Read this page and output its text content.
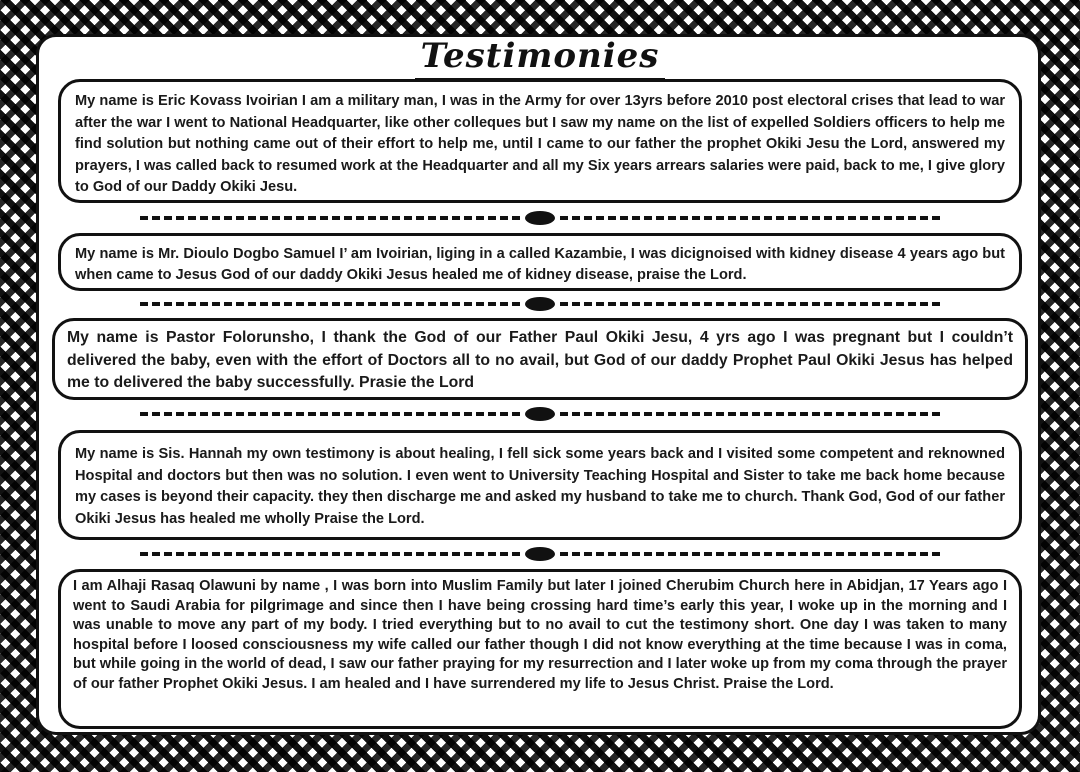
Testimonies
My name is Eric Kovass Ivoirian I am a military man, I was in the Army for over 13yrs before 2010 post electoral crises that lead to war after the war I went to National Headquarter, like other colleques but I saw my name on the list of expelled Soldiers officers to help me find solution but nothing came out of their effort to help me, until I came to our father the prophet Okiki Jesu the Lord, answered my prayers, I was called back to resumed work at the Headquarter and all my Six years arrears salaries were paid, back to me, I give glory to God of our Daddy Okiki Jesu.
My name is Mr. Dioulo Dogbo Samuel I’ am Ivoirian, liging in a called Kazambie, I was dicignoised with kidney disease 4 years ago but when came to Jesus God of our daddy Okiki Jesus healed me of kidney disease, praise the Lord.
My name is Pastor Folorunsho, I thank the God of our Father Paul Okiki Jesu, 4 yrs ago I was pregnant but I couldn’t delivered the baby, even with the effort of Doctors all to no avail, but God of our daddy Prophet Paul Okiki Jesus has helped me to delivered the baby successfully. Prasie the Lord
My name is Sis. Hannah my own testimony is about healing, I fell sick some years back and I visited some competent and reknowned Hospital and doctors but then was no solution. I even went to University Teaching Hospital and Sister to take me back home because my cases is beyond their capacity. they then discharge me and asked my husband to take me to church. Thank God, God of our father Okiki Jesus has healed me wholly Praise the Lord.
I am Alhaji Rasaq Olawuni by name , I was born into Muslim Family but later I joined Cherubim Church here in Abidjan, 17 Years ago I went to Saudi Arabia for pilgrimage and since then I have being crossing hard time’s early this year, I woke up in the morning and I was unable to move any part of my body. I tried everything but to no avail to cut the testimony short. One day I was taken to many hospital before I loosed consciousness my wife called our father though I did not know everything at the time because I was in coma, but while going in the world of dead, I saw our father praying for my resurrection and I later woke up from my coma through the prayer of our father Prophet Okiki Jesus. I am healed and I have surrendered my life to Jesus Christ. Praise the Lord.
